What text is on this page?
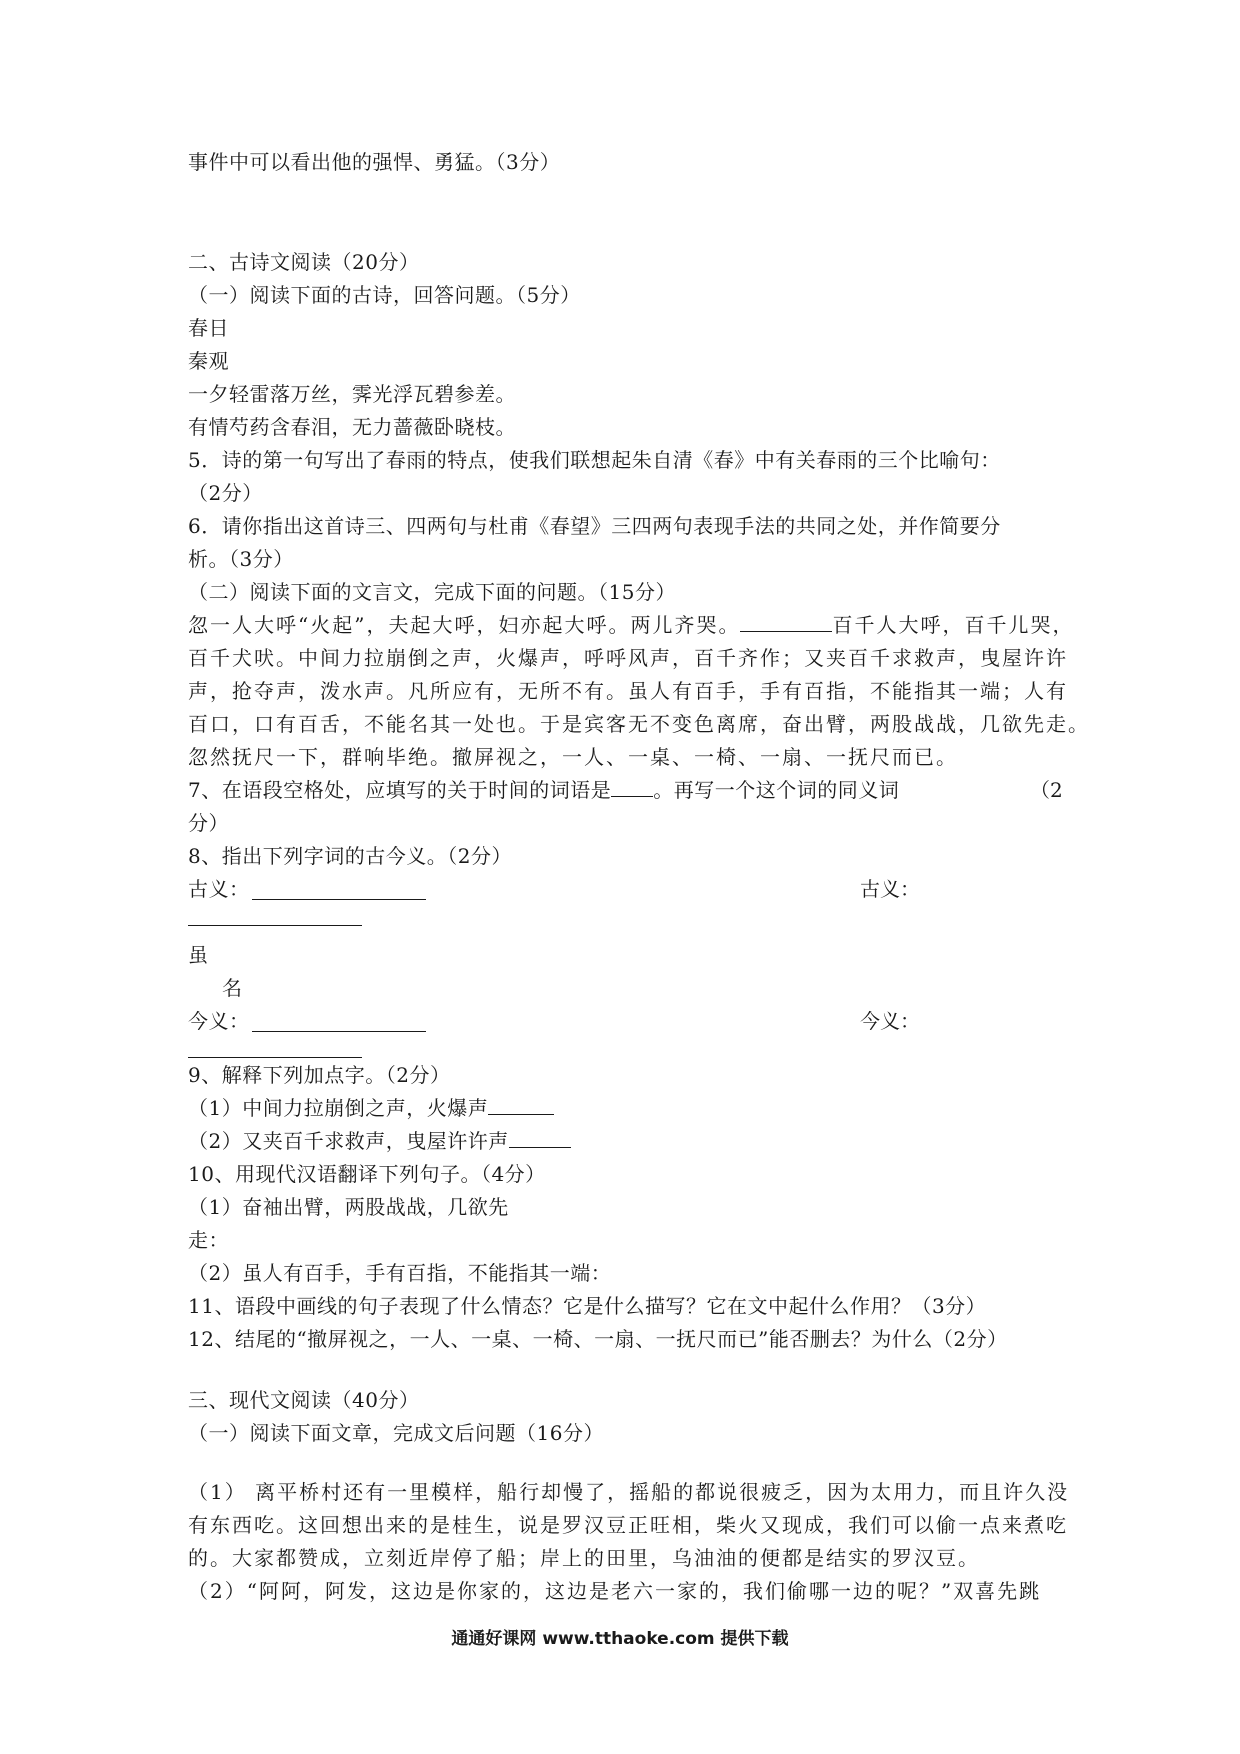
事件中可以看出他的强悍、勇猛。（3分）
二、古诗文阅读（20分）
（一）阅读下面的古诗，回答问题。（5分）
春日
秦观
一夕轻雷落万丝，霁光浮瓦碧参差。
有情芍药含春泪，无力蔷薇卧晓枝。
5．诗的第一句写出了春雨的特点，使我们联想起朱自清《春》中有关春雨的三个比喻句：
（2分）
6．请你指出这首诗三、四两句与杜甫《春望》三四两句表现手法的共同之处，并作简要分
析。（3分）
（二）阅读下面的文言文，完成下面的问题。（15分）
忽一人大呼“火起”，夫起大呼，妇亦起大呼。两儿齐哭。	百千人大呼，百千儿哭，
百千犬吠。中间力拉崩倒之声，火爆声，呼呼风声，百千齐作；又夹百千求救声，曳屋许许
声，抢夺声，泼水声。凡所应有，无所不有。虽人有百手，手有百指，不能指其一端；人有
百口，口有百舌，不能名其一处也。于是宾客无不变色离席，奋出臂，两股战战，几欲先走。
忽然抚尺一下，群响毕绝。撤屏视之，一人、一桌、一椅、一扇、一抚尺而已。
7、在语段空格处，应填写的关于时间的词语是 。再写一个这个词的同义词	（2
分）
8、指出下列字词的古今义。（2分）
古义：	古义：
虽
名
今义：	今义：
9、解释下列加点字。（2分）
（1）中间力拉崩倒之声，火爆声
（2）又夹百千求救声，曳屋许许声
10、用现代汉语翻译下列句子。（4分）
（1）奋袖出臂，两股战战，几欲先
走：
（2）虽人有百手，手有百指，不能指其一端：
11、语段中画线的句子表现了什么情态？它是什么描写？它在文中起什么作用？（3分）
12、结尾的“撤屏视之，一人、一桌、一椅、一扇、一抚尺而已”能否删去？为什么（2分）
三、现代文阅读（40分）
（一）阅读下面文章，完成文后问题（16分）
（1） 离平桥村还有一里模样，船行却慢了，摇船的都说很疲乏，因为太用力，而且许久没
有东西吃。这回想出来的是桂生，说是罗汉豆正旺相，柴火又现成，我们可以偷一点来煮吃
的。大家都赞成，立刻近岸停了船；岸上的田里，乌油油的便都是结实的罗汉豆。
（2）“阿阿，阿发，这边是你家的，这边是老六一家的，我们偷哪一边的呢？”双喜先跳
通通好课网 www.tthaoke.com 提供下载
